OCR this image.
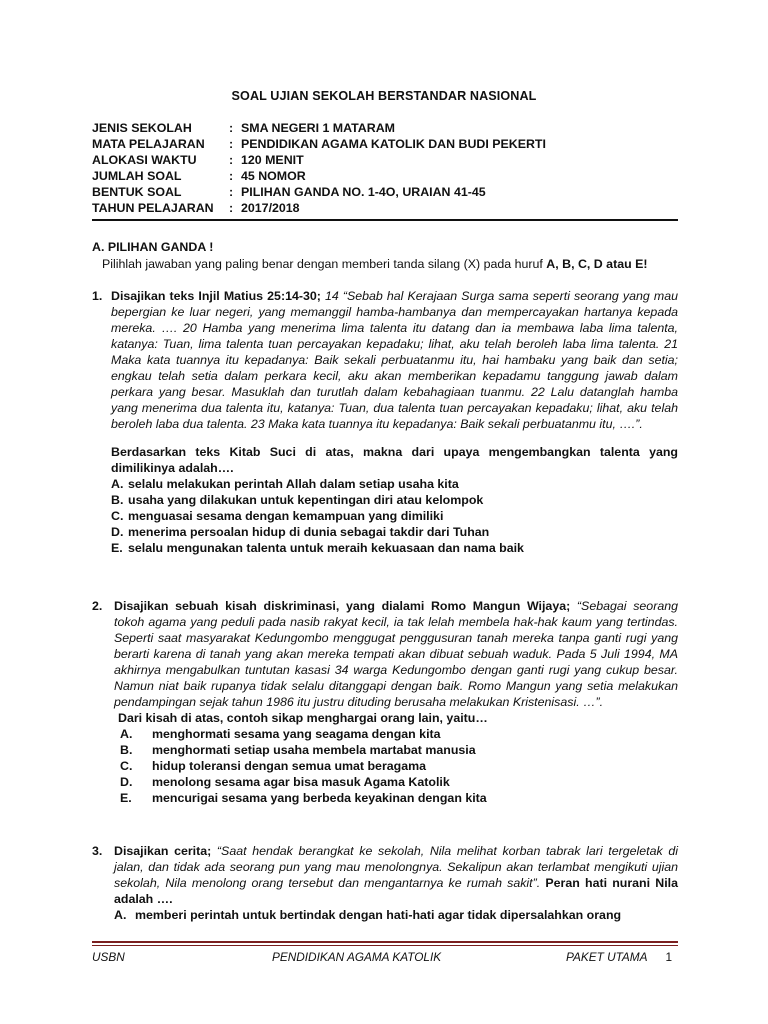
SOAL UJIAN SEKOLAH BERSTANDAR NASIONAL
JENIS SEKOLAH	: SMA NEGERI 1 MATARAM
MATA PELAJARAN	: PENDIDIKAN AGAMA KATOLIK DAN BUDI PEKERTI
ALOKASI WAKTU	: 120 MENIT
JUMLAH SOAL	: 45 NOMOR
BENTUK SOAL	: PILIHAN GANDA NO. 1-4O, URAIAN 41-45
TAHUN PELAJARAN	: 2017/2018
A. PILIHAN GANDA !
Pilihlah jawaban yang paling benar dengan memberi tanda silang (X) pada huruf A, B, C, D atau E!
1. Disajikan teks Injil Matius 25:14-30; 14 “Sebab hal Kerajaan Surga sama seperti seorang yang mau bepergian ke luar negeri, yang memanggil hamba-hambanya dan mempercayakan hartanya kepada mereka. …. 20 Hamba yang menerima lima talenta itu datang dan ia membawa laba lima talenta, katanya: Tuan, lima talenta tuan percayakan kepadaku; lihat, aku telah beroleh laba lima talenta. 21 Maka kata tuannya itu kepadanya: Baik sekali perbuatanmu itu, hai hambaku yang baik dan setia; engkau telah setia dalam perkara kecil, aku akan memberikan kepadamu tanggung jawab dalam perkara yang besar. Masuklah dan turutlah dalam kebahagiaan tuanmu. 22 Lalu datanglah hamba yang menerima dua talenta itu, katanya: Tuan, dua talenta tuan percayakan kepadaku; lihat, aku telah beroleh laba dua talenta. 23 Maka kata tuannya itu kepadanya: Baik sekali perbuatanmu itu, ….”.
Berdasarkan teks Kitab Suci di atas, makna dari upaya mengembangkan talenta yang dimilikinya adalah….
A. selalu melakukan perintah Allah dalam setiap usaha kita
B. usaha yang dilakukan untuk kepentingan diri atau kelompok
C. menguasai sesama dengan kemampuan yang dimiliki
D. menerima persoalan hidup di dunia sebagai takdir dari Tuhan
E. selalu mengunakan talenta untuk meraih kekuasaan dan nama baik
2. Disajikan sebuah kisah diskriminasi, yang dialami Romo Mangun Wijaya; “Sebagai seorang tokoh agama yang peduli pada nasib rakyat kecil, ia tak lelah membela hak-hak kaum yang tertindas. Seperti saat masyarakat Kedungombo menggugat penggusuran tanah mereka tanpa ganti rugi yang berarti karena di tanah yang akan mereka tempati akan dibuat sebuah waduk. Pada 5 Juli 1994, MA akhirnya mengabulkan tuntutan kasasi 34 warga Kedungombo dengan ganti rugi yang cukup besar. Namun niat baik rupanya tidak selalu ditanggapi dengan baik. Romo Mangun yang setia melakukan pendampingan sejak tahun 1986 itu justru dituding berusaha melakukan Kristenisasi. …”.
Dari kisah di atas, contoh sikap menghargai orang lain, yaitu…
A.	menghormati sesama yang seagama dengan kita
B.	menghormati setiap usaha membela martabat manusia
C.	hidup toleransi dengan semua umat beragama
D.	menolong sesama agar bisa masuk Agama Katolik
E.	mencurigai sesama yang berbeda keyakinan dengan kita
3. Disajikan cerita; “Saat hendak berangkat ke sekolah, Nila melihat korban tabrak lari tergeletak di jalan, dan tidak ada seorang pun yang mau menolongnya. Sekalipun akan terlambat mengikuti ujian sekolah, Nila menolong orang tersebut dan mengantarnya ke rumah sakit”. Peran hati nurani Nila adalah ….
A. memberi perintah untuk bertindak dengan hati-hati agar tidak dipersalahkan orang
USBN	PENDIDIKAN AGAMA KATOLIK	PAKET UTAMA 1
